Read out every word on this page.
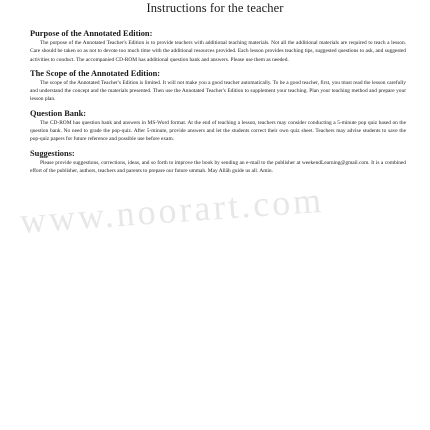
Instructions for the teacher
Purpose of the Annotated Edition:

The purpose of the Annotated Teacher's Edition is to provide teachers with additional teaching materials. Not all the additional materials are required to teach a lesson. Care should be taken so as not to devote too much time with the additional resources provided. Each lesson provides teaching tips, suggested questions to ask, and suggested activities to conduct. The accompanied CD-ROM has additional question bank and answers. Please use them as needed.

The Scope of the Annotated Edition:

The scope of the Annotated Teacher's Edition is limited. It will not make you a good teacher automatically. To be a good teacher, first, you must read the lesson carefully and understand the concept and the materials presented. Then use the Annotated Teacher's Edition to supplement your teaching. Plan your teaching method and prepare your lesson plan.

Question Bank:

The CD-ROM has question bank and answers in MS-Word format. At the end of teaching a lesson, teachers may consider conducting a 5-minute pop quiz based on the question bank. No need to grade the pop-quiz. After 5-minute, provide answers and let the students correct their own quiz sheet. Teachers may advise students to save the pop-quiz papers for future reference and possible use before exam.

Suggestions:

Please provide suggestions, corrections, ideas, and so forth to improve the book by sending an e-mail to the publisher at weekendLearning@gmail.com. It is a combined effort of the publisher, authors, teachers and parents to prepare our future ummah. May Allāh guide us all. Amin.

www.noorart.com
